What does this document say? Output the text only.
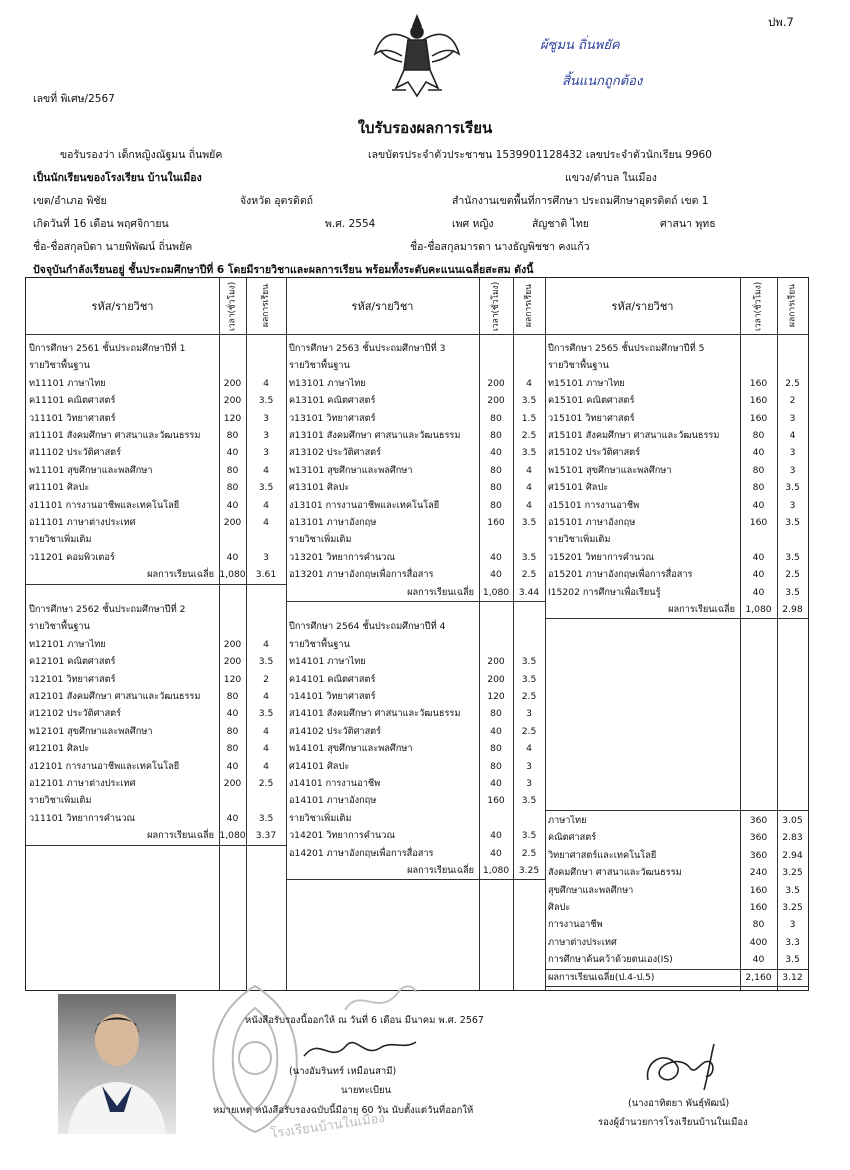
ปพ.7
ผ้ซูมน ถิ่นพยัค
สิ้นแนกถูกต้อง
เลขที่ พิเศษ/2567
ใบรับรองผลการเรียน
ขอรับรองว่า เด็กหญิงณัฐมน ถิ่นพยัค	เลขบัตรประจำตัวประชาชน 1539901128432 เลขประจำตัวนักเรียน 9960
เป็นนักเรียนของโรงเรียน บ้านในเมือง	แขวง/ตำบล ในเมือง
เขต/อำเภอ พิชัย	จังหวัด อุตรดิตถ์	สำนักงานเขตพื้นที่การศึกษา ประถมศึกษาอุตรดิตถ์ เขต 1
เกิดวันที่ 16 เดือน พฤศจิกายน	พ.ศ. 2554	เพศ หญิง	สัญชาติ ไทย	ศาสนา พุทธ
ชื่อ-ชื่อสกุลบิดา นายพิพัฒน์ ถิ่นพยัค	ชื่อ-ชื่อสกุลมารดา นางธัญพิชชา คงแก้ว
ปัจจุบันกำลังเรียนอยู่ ชั้นประถมศึกษาปีที่ 6 โดยมีรายวิชาและผลการเรียน พร้อมทั้งระดับคะแนนเฉลี่ยสะสม ดังนี้
รหัส/รายวิชา	เวลา(ชั่วโมง)	ผลการเรียน	รหัส/รายวิชา	เวลา(ชั่วโมง)	ผลการเรียน	รหัส/รายวิชา	เวลา(ชั่วโมง)	ผลการเรียน
ปีการศึกษา 2561 ชั้นประถมศึกษาปีที่ 1
รายวิชาพื้นฐาน
ท11101 ภาษาไทย	200	4
ค11101 คณิตศาสตร์	200	3.5
ว11101 วิทยาศาสตร์	120	3
ส11101 สังคมศึกษา ศาสนาและวัฒนธรรม	80	3
ส11102 ประวัติศาสตร์	40	3
พ11101 สุขศึกษาและพลศึกษา	80	4
ศ11101 ศิลปะ	80	3.5
ง11101 การงานอาชีพและเทคโนโลยี	40	4
อ11101 ภาษาต่างประเทศ	200	4
รายวิชาเพิ่มเติม
ว11201 คอมพิวเตอร์	40	3
ผลการเรียนเฉลี่ย 1,080	3.61
ปีการศึกษา 2562 ชั้นประถมศึกษาปีที่ 2
รายวิชาพื้นฐาน
ท12101 ภาษาไทย	200	4
ค12101 คณิตศาสตร์	200	3.5
ว12101 วิทยาศาสตร์	120	2
ส12101 สังคมศึกษา ศาสนาและวัฒนธรรม	80	4
ส12102 ประวัติศาสตร์	40	3.5
พ12101 สุขศึกษาและพลศึกษา	80	4
ศ12101 ศิลปะ	80	4
ง12101 การงานอาชีพและเทคโนโลยี	40	4
อ12101 ภาษาต่างประเทศ	200	2.5
รายวิชาเพิ่มเติม
ว11101 วิทยาการคำนวณ	40	3.5
ผลการเรียนเฉลี่ย 1,080	3.37
ปีการศึกษา 2563 ชั้นประถมศึกษาปีที่ 3
รายวิชาพื้นฐาน
ท13101 ภาษาไทย	200	4
ค13101 คณิตศาสตร์	200	3.5
ว13101 วิทยาศาสตร์	80	1.5
ส13101 สังคมศึกษา ศาสนาและวัฒนธรรม	80	2.5
ส13102 ประวัติศาสตร์	40	3.5
พ13101 สุขศึกษาและพลศึกษา	80	4
ศ13101 ศิลปะ	80	4
ง13101 การงานอาชีพและเทคโนโลยี	80	4
อ13101 ภาษาอังกฤษ	160	3.5
รายวิชาเพิ่มเติม
ว13201 วิทยาการคำนวณ	40	3.5
อ13201 ภาษาอังกฤษเพื่อการสื่อสาร	40	2.5
ผลการเรียนเฉลี่ย 1,080	3.44
ปีการศึกษา 2564 ชั้นประถมศึกษาปีที่ 4
รายวิชาพื้นฐาน
ท14101 ภาษาไทย	200	3.5
ค14101 คณิตศาสตร์	200	3.5
ว14101 วิทยาศาสตร์	120	2.5
ส14101 สังคมศึกษา ศาสนาและวัฒนธรรม	80	3
ส14102 ประวัติศาสตร์	40	2.5
พ14101 สุขศึกษาและพลศึกษา	80	4
ศ14101 ศิลปะ	80	3
ง14101 การงานอาชีพ	40	3
อ14101 ภาษาอังกฤษ	160	3.5
รายวิชาเพิ่มเติม
ว14201 วิทยาการคำนวณ	40	3.5
อ14201 ภาษาอังกฤษเพื่อการสื่อสาร	40	2.5
ผลการเรียนเฉลี่ย 1,080	3.25
ปีการศึกษา 2565 ชั้นประถมศึกษาปีที่ 5
รายวิชาพื้นฐาน
ท15101 ภาษาไทย	160	2.5
ค15101 คณิตศาสตร์	160	2
ว15101 วิทยาศาสตร์	160	3
ส15101 สังคมศึกษา ศาสนาและวัฒนธรรม	80	4
ส15102 ประวัติศาสตร์	40	3
พ15101 สุขศึกษาและพลศึกษา	80	3
ศ15101 ศิลปะ	80	3.5
ง15101 การงานอาชีพ	40	3
อ15101 ภาษาอังกฤษ	160	3.5
รายวิชาเพิ่มเติม
ว15201 วิทยาการคำนวณ	40	3.5
อ15201 ภาษาอังกฤษเพื่อการสื่อสาร	40	2.5
I15202 การศึกษาเพื่อเรียนรู้	40	3.5
ผลการเรียนเฉลี่ย	1,080	2.98
ภาษาไทย	360	3.05
คณิตศาสตร์	360	2.83
วิทยาศาสตร์และเทคโนโลยี	360	2.94
สังคมศึกษา ศาสนาและวัฒนธรรม	240	3.25
สุขศึกษาและพลศึกษา	160	3.5
ศิลปะ	160	3.25
การงานอาชีพ	80	3
ภาษาต่างประเทศ	400	3.3
การศึกษาค้นคว้าด้วยตนเอง(IS)	40	3.5
ผลการเรียนเฉลี่ย(ป.4-ป.5)	2,160	3.12
หนังสือรับรองนี้ออกให้ ณ วันที่ 6 เดือน มีนาคม พ.ศ. 2567
(นางอัมรินทร์ เหมือนสามี)
นายทะเบียน
หมายเหตุ หนังสือรับรองฉบับนี้มีอายุ 60 วัน นับตั้งแต่วันที่ออกให้
โรงเรียนบ้านในเมือง
(นางอาทิตยา พันธุ์พัฒน์)
รองผู้อำนวยการโรงเรียนบ้านในเมือง
